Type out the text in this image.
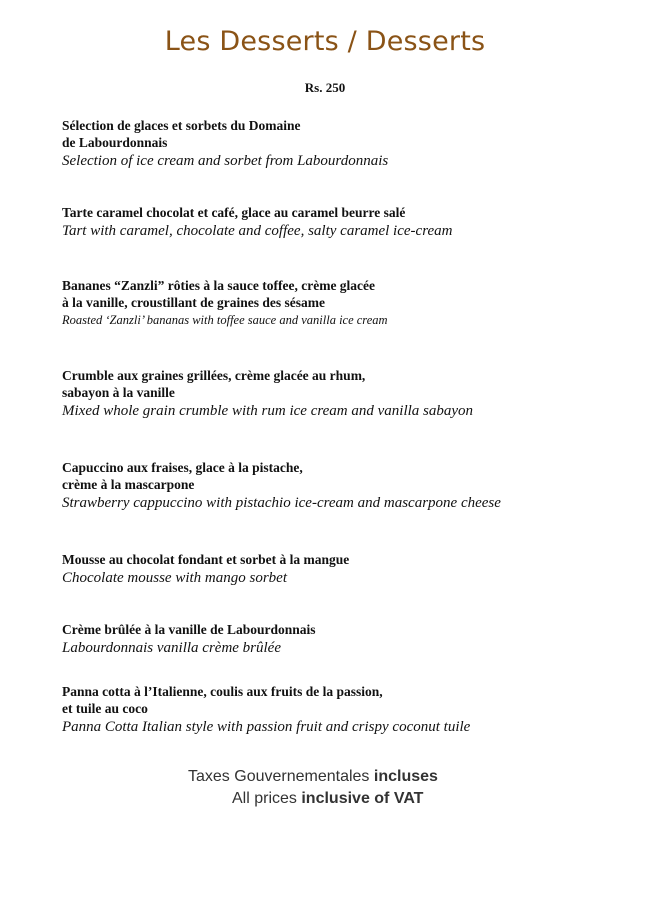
Les Desserts / Desserts
Rs. 250

Sélection de glaces et sorbets du Domaine

de Labourdonnais

Selection of ice cream and sorbet from Labourdonnais

Tarte caramel chocolat et café, glace au caramel beurre salé

Tart with caramel, chocolate and coffee, salty caramel ice-cream

Bananes “Zanzli” rôties à la sauce toffee, crème glacée

à la vanille, croustillant de graines des sésame

Roasted ‘Zanzli’ bananas with toffee sauce and vanilla ice cream

Crumble aux graines grillées, crème glacée au rhum,

sabayon à la vanille

Mixed whole grain crumble with rum ice cream and vanilla sabayon

Capuccino aux fraises, glace à la pistache,

crème à la mascarpone

Strawberry cappuccino with pistachio ice-cream and mascarpone cheese

Mousse au chocolat fondant et sorbet à la mangue

Chocolate mousse with mango sorbet

Crème brûlée à la vanille de Labourdonnais

Labourdonnais vanilla crème brûlée

Panna cotta à l’Italienne, coulis aux fruits de la passion,

et tuile au coco

Panna Cotta Italian style with passion fruit and crispy coconut tuile

Taxes Gouvernementales incluses
All prices inclusive of VAT
